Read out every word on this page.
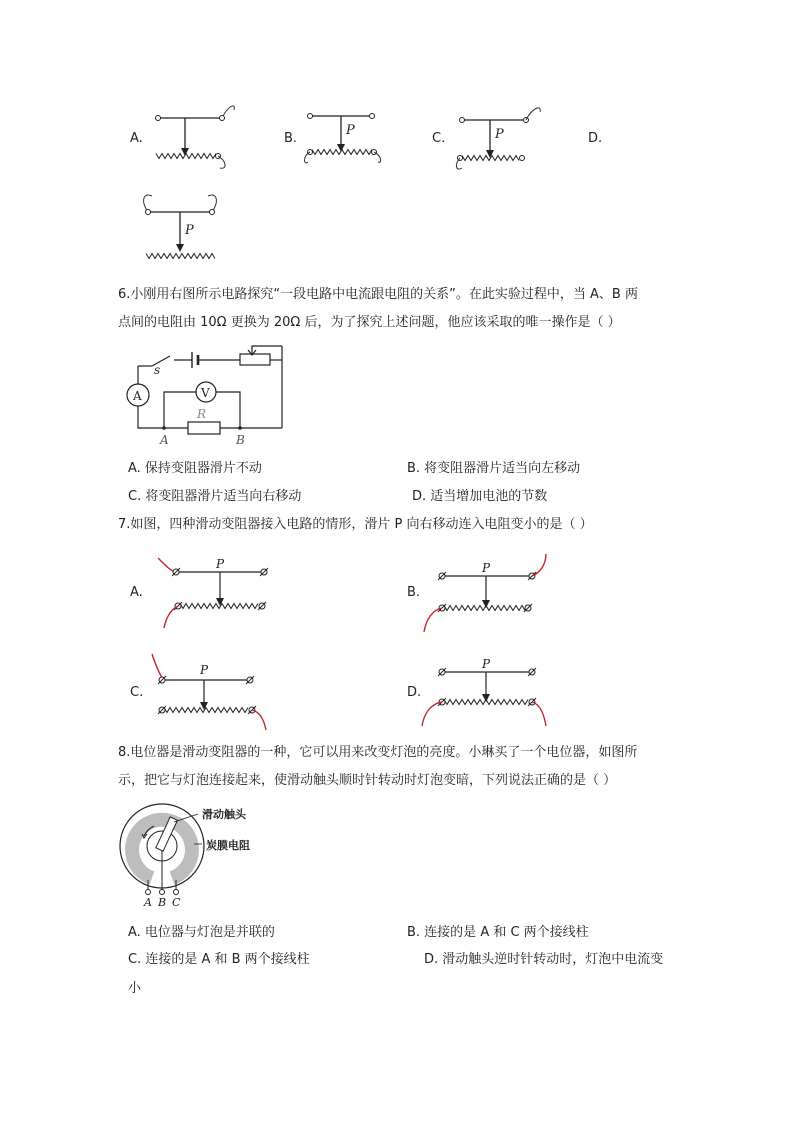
A.	B.
P
C.	P	D.
P
6.小刚用右图所示电路探究“一段电路中电流跟电阻的关系”。在此实验过程中，当 A、B 两
点间的电阻由 10Ω 更换为 20Ω 后，为了探究上述问题，他应该采取的唯一操作是（ ）
s
A	V
R
A	B
A. 保持变阻器滑片不动	B. 将变阻器滑片适当向左移动
C. 将变阻器滑片适当向右移动	D. 适当增加电池的节数
7.如图，四种滑动变阻器接入电路的情形，滑片 P 向右移动连入电阻变小的是（ ）
A.
P
B.
P
C.
P
D.
P
8.电位器是滑动变阻器的一种，它可以用来改变灯泡的亮度。小琳买了一个电位器，如图所
示，把它与灯泡连接起来，使滑动触头顺时针转动时灯泡变暗，下列说法正确的是（ ）
A B C
滑动触头
炭膜电阻
A. 电位器与灯泡是并联的	B. 连接的是 A 和 C 两个接线柱
C. 连接的是 A 和 B 两个接线柱	D. 滑动触头逆时针转动时，灯泡中电流变
小
